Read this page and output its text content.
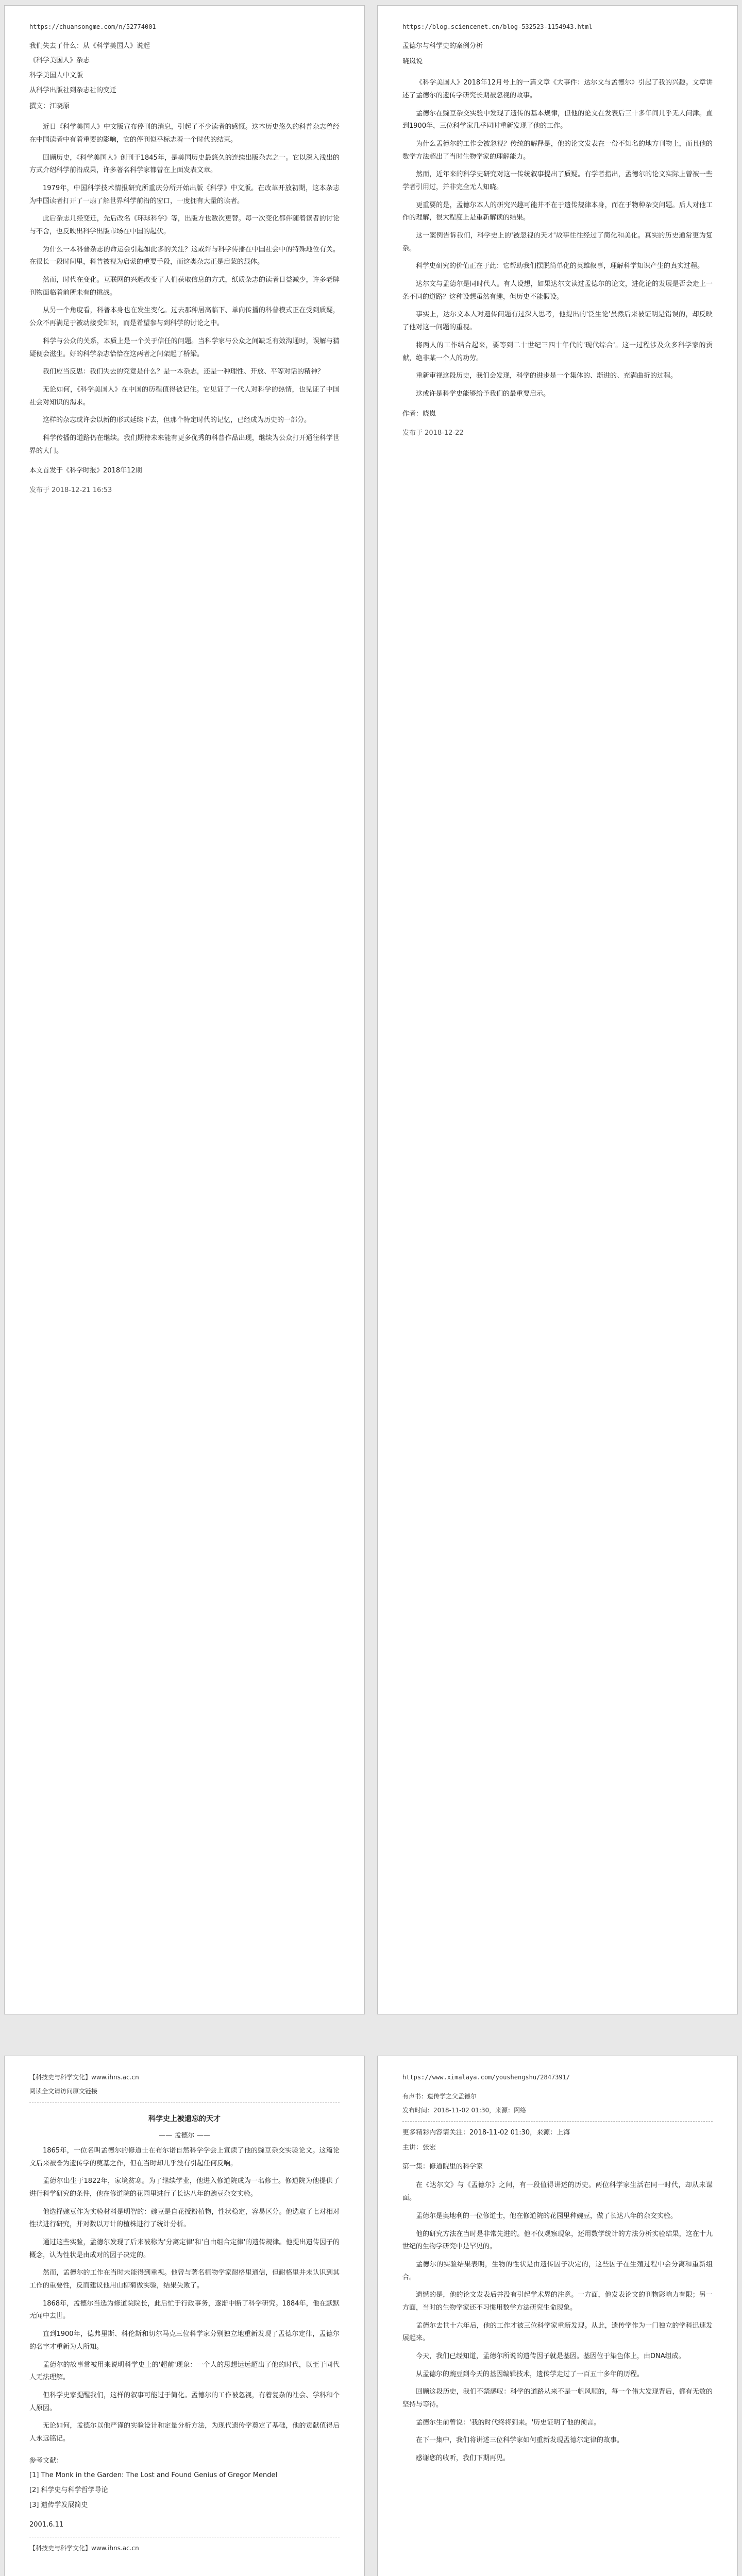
https://chuansongme.com/n/52774001

我们失去了什么：从《科学美国人》说起

《科学美国人》杂志

科学美国人中文版

从科学出版社到杂志社的变迁

撰文：江晓原

近日《科学美国人》中文版宣布停刊的消息，引起了不少读者的感慨。这本历史悠久的科普杂志曾经在中国读者中有着重要的影响，它的停刊似乎标志着一个时代的结束。

回顾历史，《科学美国人》创刊于1845年，是美国历史最悠久的连续出版杂志之一。它以深入浅出的方式介绍科学前沿成果，许多著名科学家都曾在上面发表文章。

1979年，中国科学技术情报研究所重庆分所开始出版《科学》中文版。在改革开放初期，这本杂志为中国读者打开了一扇了解世界科学前沿的窗口，一度拥有大量的读者。

此后杂志几经变迁，先后改名《环球科学》等，出版方也数次更替。每一次变化都伴随着读者的讨论与不舍，也反映出科学出版市场在中国的起伏。

为什么一本科普杂志的命运会引起如此多的关注？这或许与科学传播在中国社会中的特殊地位有关。在很长一段时间里，科普被视为启蒙的重要手段，而这类杂志正是启蒙的载体。

然而，时代在变化。互联网的兴起改变了人们获取信息的方式，纸质杂志的读者日益减少，许多老牌刊物面临着前所未有的挑战。

从另一个角度看，科普本身也在发生变化。过去那种居高临下、单向传播的科普模式正在受到质疑，公众不再满足于被动接受知识，而是希望参与到科学的讨论之中。

科学与公众的关系，本质上是一个关于信任的问题。当科学家与公众之间缺乏有效沟通时，误解与猜疑便会滋生。好的科学杂志恰恰在这两者之间架起了桥梁。

我们应当反思：我们失去的究竟是什么？是一本杂志，还是一种理性、开放、平等对话的精神？

无论如何，《科学美国人》在中国的历程值得被记住。它见证了一代人对科学的热情，也见证了中国社会对知识的渴求。

这样的杂志或许会以新的形式延续下去，但那个特定时代的记忆，已经成为历史的一部分。

科学传播的道路仍在继续。我们期待未来能有更多优秀的科普作品出现，继续为公众打开通往科学世界的大门。

本文首发于《科学时报》2018年12期

发布于 2018-12-21 16:53

https://blog.sciencenet.cn/blog-532523-1154943.html

孟德尔与科学史的案例分析

晓岚说

《科学美国人》2018年12月号上的一篇文章《大事件：达尔文与孟德尔》引起了我的兴趣。文章讲述了孟德尔的遗传学研究长期被忽视的故事。

孟德尔在豌豆杂交实验中发现了遗传的基本规律，但他的论文在发表后三十多年间几乎无人问津。直到1900年，三位科学家几乎同时重新发现了他的工作。

为什么孟德尔的工作会被忽视？传统的解释是，他的论文发表在一份不知名的地方刊物上，而且他的数学方法超出了当时生物学家的理解能力。

然而，近年来的科学史研究对这一传统叙事提出了质疑。有学者指出，孟德尔的论文实际上曾被一些学者引用过，并非完全无人知晓。

更重要的是，孟德尔本人的研究兴趣可能并不在于遗传规律本身，而在于物种杂交问题。后人对他工作的理解，很大程度上是重新解读的结果。

这一案例告诉我们，科学史上的'被忽视的天才'故事往往经过了简化和美化。真实的历史通常更为复杂。

科学史研究的价值正在于此：它帮助我们摆脱简单化的英雄叙事，理解科学知识产生的真实过程。

达尔文与孟德尔是同时代人。有人设想，如果达尔文读过孟德尔的论文，进化论的发展是否会走上一条不同的道路？这种设想虽然有趣，但历史不能假设。

事实上，达尔文本人对遗传问题有过深入思考，他提出的'泛生论'虽然后来被证明是错误的，却反映了他对这一问题的重视。

将两人的工作结合起来，要等到二十世纪三四十年代的'现代综合'。这一过程涉及众多科学家的贡献，绝非某一个人的功劳。

重新审视这段历史，我们会发现，科学的进步是一个集体的、渐进的、充满曲折的过程。

这或许是科学史能够给予我们的最重要启示。

作者：晓岚

发布于 2018-12-22

【科技史与科学文化】www.ihns.ac.cn

阅读全文请访问原文链接

科学史上被遗忘的天才

—— 孟德尔 ——

1865年，一位名叫孟德尔的修道士在布尔诺自然科学学会上宣读了他的豌豆杂交实验论文。这篇论文后来被誉为遗传学的奠基之作，但在当时却几乎没有引起任何反响。

孟德尔出生于1822年，家境贫寒。为了继续学业，他进入修道院成为一名修士。修道院为他提供了进行科学研究的条件，他在修道院的花园里进行了长达八年的豌豆杂交实验。

他选择豌豆作为实验材料是明智的：豌豆是自花授粉植物，性状稳定，容易区分。他选取了七对相对性状进行研究，并对数以万计的植株进行了统计分析。

通过这些实验，孟德尔发现了后来被称为'分离定律'和'自由组合定律'的遗传规律。他提出遗传因子的概念，认为性状是由成对的因子决定的。

然而，孟德尔的工作在当时未能得到重视。他曾与著名植物学家耐格里通信，但耐格里并未认识到其工作的重要性，反而建议他用山柳菊做实验，结果失败了。

1868年，孟德尔当选为修道院院长，此后忙于行政事务，逐渐中断了科学研究。1884年，他在默默无闻中去世。

直到1900年，德弗里斯、科伦斯和切尔马克三位科学家分别独立地重新发现了孟德尔定律，孟德尔的名字才重新为人所知。

孟德尔的故事常被用来说明科学史上的'超前'现象：一个人的思想远远超出了他的时代，以至于同代人无法理解。

但科学史家提醒我们，这样的叙事可能过于简化。孟德尔的工作被忽视，有着复杂的社会、学科和个人原因。

无论如何，孟德尔以他严谨的实验设计和定量分析方法，为现代遗传学奠定了基础，他的贡献值得后人永远铭记。

参考文献：

[1] The Monk in the Garden: The Lost and Found Genius of Gregor Mendel

[2] 科学史与科学哲学导论

[3] 遗传学发展简史

2001.6.11

【科技史与科学文化】www.ihns.ac.cn

https://www.ximalaya.com/youshengshu/2847391/

有声书：遗传学之父孟德尔

发布时间：2018-11-02 01:30，来源：网络

更多精彩内容请关注：2018-11-02 01:30，来源：上海

主讲：张宏

第一集：修道院里的科学家

在《达尔文》与《孟德尔》之间，有一段值得讲述的历史。两位科学家生活在同一时代，却从未谋面。

孟德尔是奥地利的一位修道士，他在修道院的花园里种豌豆，做了长达八年的杂交实验。

他的研究方法在当时是非常先进的。他不仅观察现象，还用数学统计的方法分析实验结果，这在十九世纪的生物学研究中是罕见的。

孟德尔的实验结果表明，生物的性状是由遗传因子决定的，这些因子在生殖过程中会分离和重新组合。

遗憾的是，他的论文发表后并没有引起学术界的注意。一方面，他发表论文的刊物影响力有限；另一方面，当时的生物学家还不习惯用数学方法研究生命现象。

孟德尔去世十六年后，他的工作才被三位科学家重新发现。从此，遗传学作为一门独立的学科迅速发展起来。

今天，我们已经知道，孟德尔所说的遗传因子就是基因。基因位于染色体上，由DNA组成。

从孟德尔的豌豆到今天的基因编辑技术，遗传学走过了一百五十多年的历程。

回顾这段历史，我们不禁感叹：科学的道路从来不是一帆风顺的，每一个伟大发现背后，都有无数的坚持与等待。

孟德尔生前曾说：'我的时代终将到来。'历史证明了他的预言。

在下一集中，我们将讲述三位科学家如何重新发现孟德尔定律的故事。

感谢您的收听，我们下期再见。
